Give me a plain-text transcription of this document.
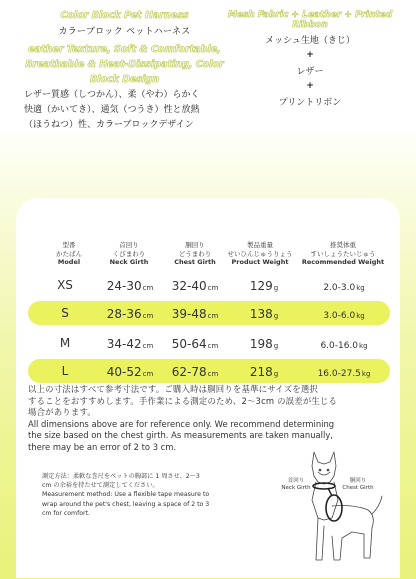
Color Block Pet Harness
カラーブロック ペットハーネス
eather Texture, Soft & Comfortable,
Breathable & Heat-Dissipating, Color
Block Design
レザー質感（しつかん）、柔（やわ）らかく
快適（かいてき）、通気（つうき）性と放熱
（ほうねつ）性、カラーブロックデザイン
Mesh Fabric + Leather + Printed Ribbon
メッシュ生地（きじ）
+
レザー
+
プリントリボン
型番
かたばん
Model
首回り
くびまわり
Neck Girth
胴回り
どうまわり
Chest Girth
製品重量
せいひんじゅうりょう
Product Weight
推奨体重
すいしょうたいじゅう
Recommended Weight
XS	24-30cm	32-40cm	129g	2.0-3.0kg
S	28-36cm	39-48cm	138g	3.0-6.0kg
M	34-42cm	50-64cm	198g	6.0-16.0kg
L	40-52cm	62-78cm	218g	16.0-27.5kg
以上の寸法はすべて参考寸法です。ご購入時は胴回りを基準にサイズを選択
することをおすすめします。手作業による測定のため、2～3cm の誤差が生じる
場合があります。
All dimensions above are for reference only. We recommend determining
the size based on the chest girth. As measurements are taken manually,
there may be an error of 2 to 3 cm.
測定方法：柔軟な巻尺をペットの胸部に 1 周させ、2～3
cm の余裕を持たせて測定してください。
Measurement method: Use a flexible tape measure to
wrap around the pet's chest, leaving a space of 2 to 3
cm for comfort.
首回り
Neck Girth
胴回り
Chest Girth
